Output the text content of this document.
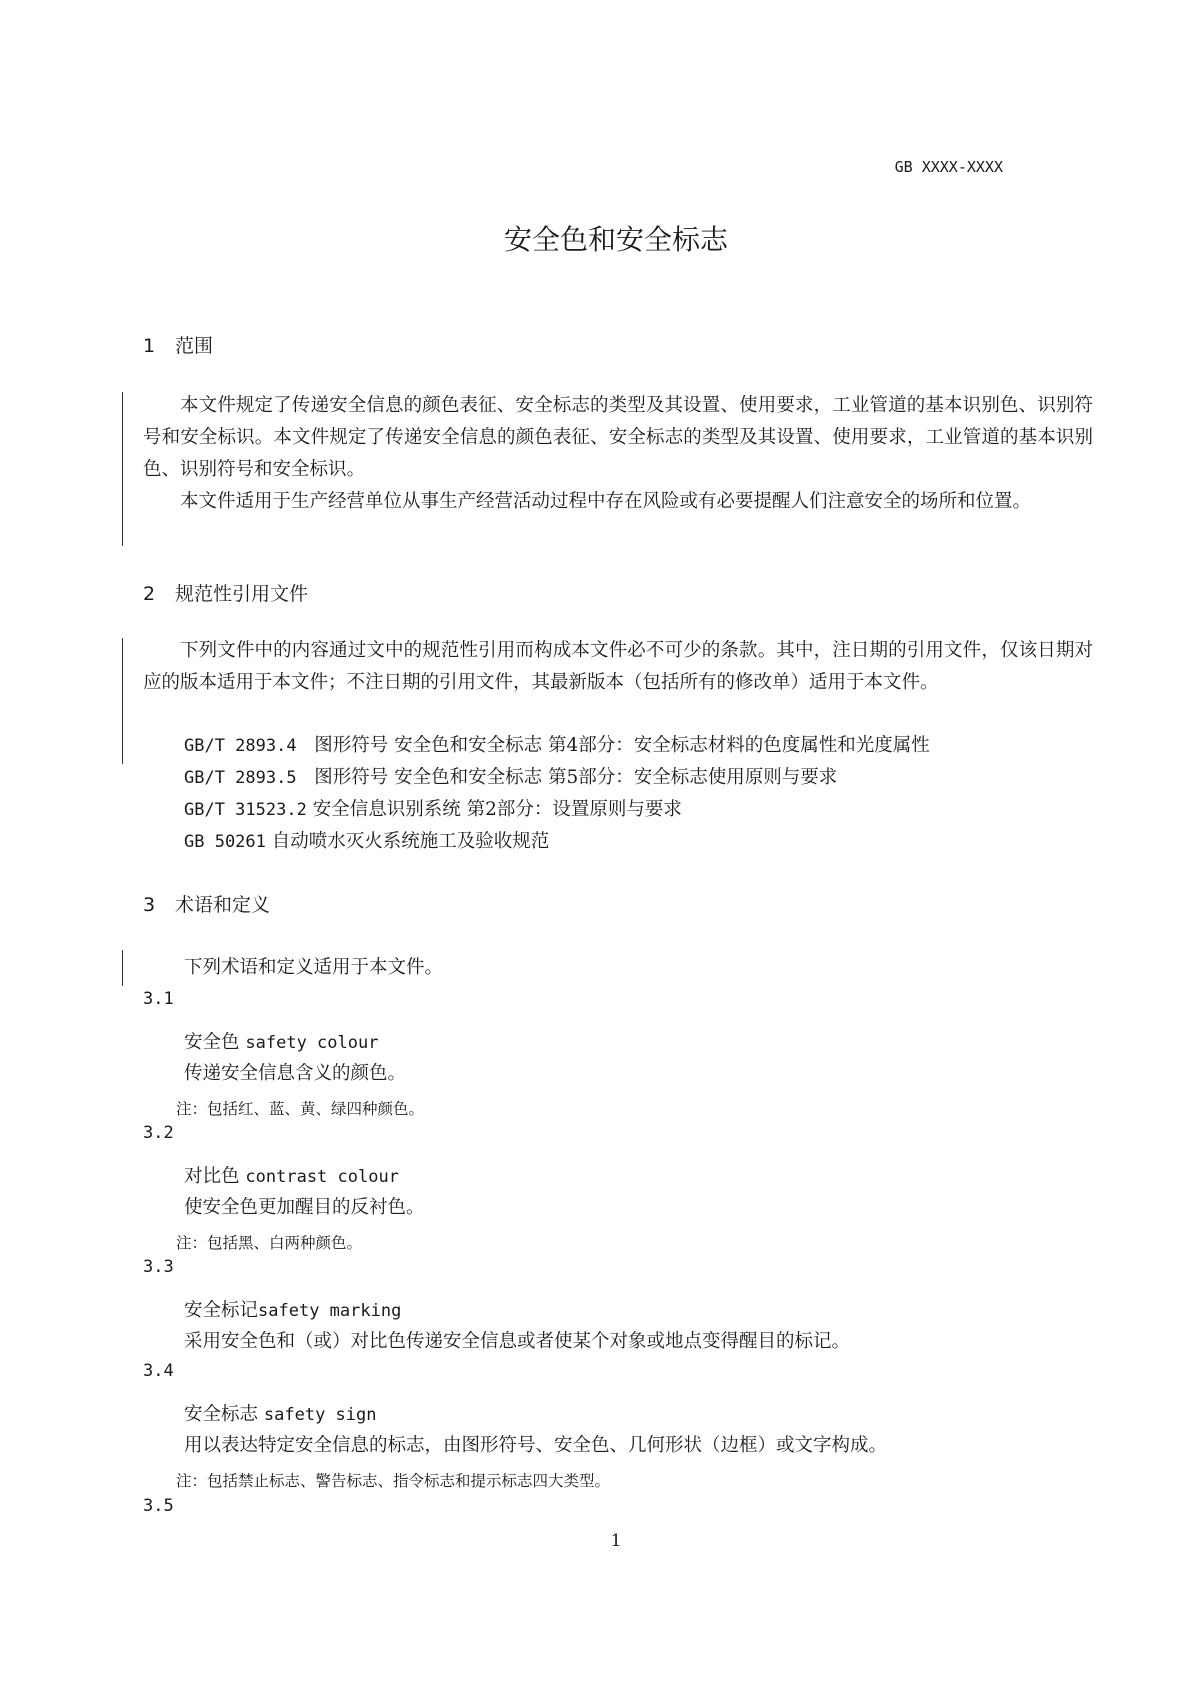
GB XXXX-XXXX
安全色和安全标志
1 范围

本文件规定了传递安全信息的颜色表征、安全标志的类型及其设置、使用要求，工业管道的基本识别色、识别符号和安全标识。本文件规定了传递安全信息的颜色表征、安全标志的类型及其设置、使用要求，工业管道的基本识别色、识别符号和安全标识。

本文件适用于生产经营单位从事生产经营活动过程中存在风险或有必要提醒人们注意安全的场所和位置。

2 规范性引用文件

下列文件中的内容通过文中的规范性引用而构成本文件必不可少的条款。其中，注日期的引用文件，仅该日期对应的版本适用于本文件；不注日期的引用文件，其最新版本（包括所有的修改单）适用于本文件。

GB/T 2893.4 图形符号 安全色和安全标志 第4部分：安全标志材料的色度属性和光度属性
GB/T 2893.5 图形符号 安全色和安全标志 第5部分：安全标志使用原则与要求
GB/T 31523.2 安全信息识别系统 第2部分：设置原则与要求
GB 50261 自动喷水灭火系统施工及验收规范
3 术语和定义
下列术语和定义适用于本文件。
3.1
安全色 safety colour
传递安全信息含义的颜色。
注：包括红、蓝、黄、绿四种颜色。
3.2
对比色 contrast colour
使安全色更加醒目的反衬色。
注：包括黑、白两种颜色。
3.3
安全标记safety marking
采用安全色和（或）对比色传递安全信息或者使某个对象或地点变得醒目的标记。
3.4
安全标志 safety sign
用以表达特定安全信息的标志，由图形符号、安全色、几何形状（边框）或文字构成。
注：包括禁止标志、警告标志、指令标志和提示标志四大类型。
3.5
1
